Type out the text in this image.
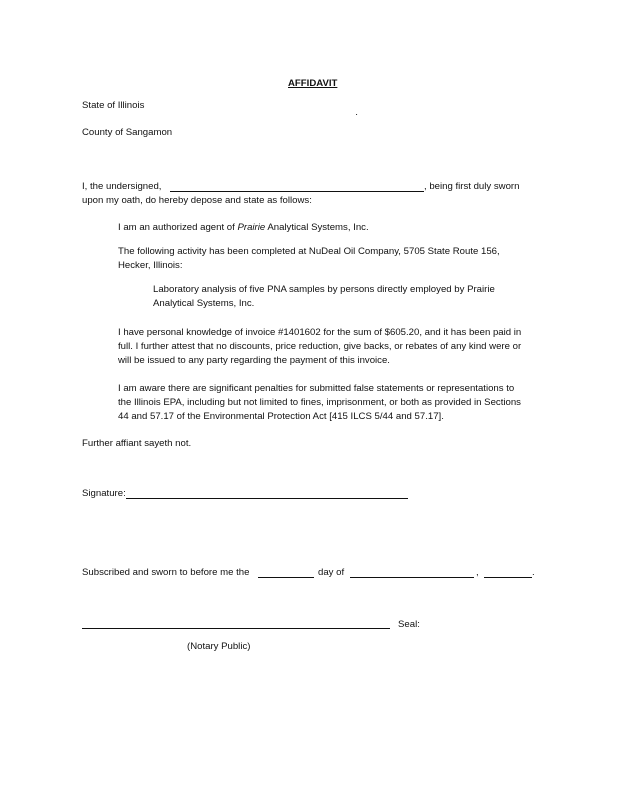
AFFIDAVIT
State of Illinois
County of Sangamon
I, the undersigned,	, being first duly sworn
upon my oath, do hereby depose and state as follows:
I am an authorized agent of Prairie Analytical Systems, Inc.
The following activity has been completed at NuDeal Oil Company, 5705 State Route 156,
Hecker, Illinois:
Laboratory analysis of five PNA samples by persons directly employed by Prairie
Analytical Systems, Inc.
I have personal knowledge of invoice #1401602 for the sum of $605.20, and it has been paid in
full. I further attest that no discounts, price reduction, give backs, or rebates of any kind were or
will be issued to any party regarding the payment of this invoice.
I am aware there are significant penalties for submitted false statements or representations to
the Illinois EPA, including but not limited to fines, imprisonment, or both as provided in Sections
44 and 57.17 of the Environmental Protection Act [415 ILCS 5/44 and 57.17].
Further affiant sayeth not.
Signature:
Subscribed and sworn to before me the	day of	,	.
Seal:
(Notary Public)
·
